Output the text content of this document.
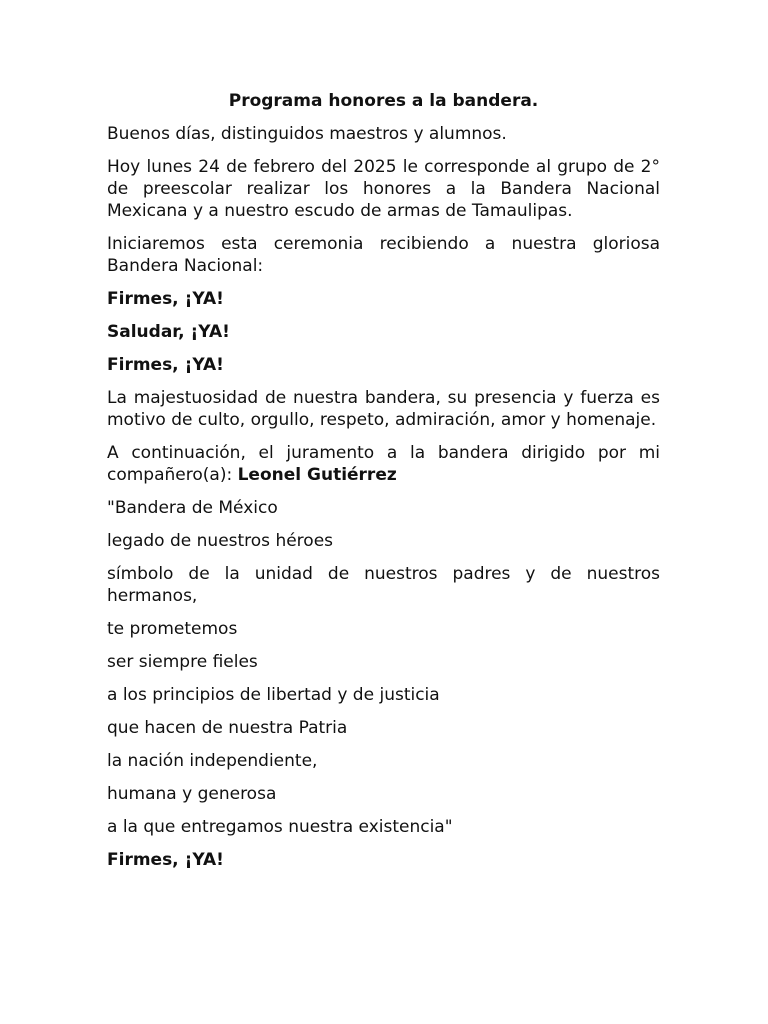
Programa honores a la bandera.
Buenos días, distinguidos maestros y alumnos.
Hoy lunes 24 de febrero del 2025 le corresponde al grupo de 2° de preescolar realizar los honores a la Bandera Nacional Mexicana y a nuestro escudo de armas de Tamaulipas.
Iniciaremos esta ceremonia recibiendo a nuestra gloriosa Bandera Nacional:
Firmes, ¡YA!
Saludar, ¡YA!
Firmes, ¡YA!
La majestuosidad de nuestra bandera, su presencia y fuerza es motivo de culto, orgullo, respeto, admiración, amor y homenaje.
A continuación, el juramento a la bandera dirigido por mi compañero(a): Leonel Gutiérrez
"Bandera de México
legado de nuestros héroes
símbolo de la unidad de nuestros padres y de nuestros hermanos,
te prometemos
ser siempre fieles
a los principios de libertad y de justicia
que hacen de nuestra Patria
la nación independiente,
humana y generosa
a la que entregamos nuestra existencia"
Firmes, ¡YA!
